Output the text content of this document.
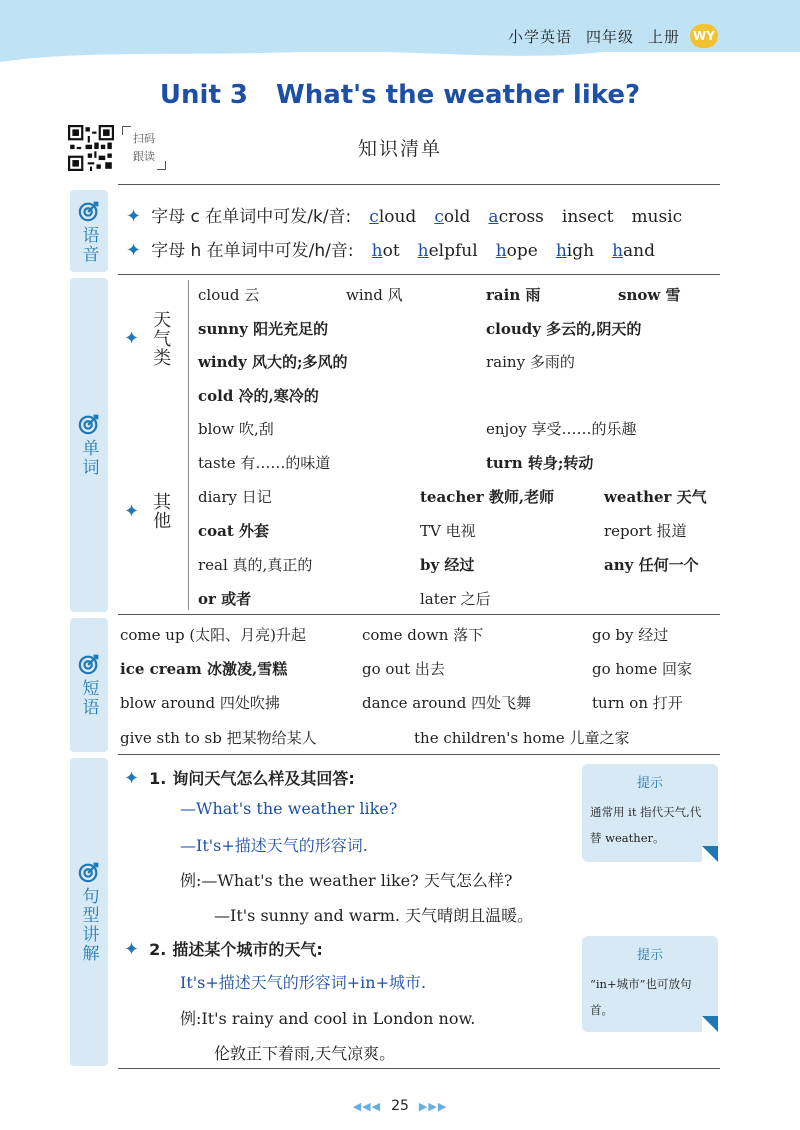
小学英语 四年级 上册 WY
Unit 3 What's the weather like?
扫码
跟读	知识清单
语音
✦ 字母 c 在单词中可发/k/音: cloud cold across insect music
✦ 字母 h 在单词中可发/h/音: hot helpful hope high hand
单词
✦ 天气类
✦ 其他
cloud 云	wind 风	rain 雨	snow 雪
sunny 阳光充足的	cloudy 多云的,阴天的
windy 风大的;多风的	rainy 多雨的
cold 冷的,寒冷的
blow 吹,刮	enjoy 享受……的乐趣
taste 有……的味道	turn 转身;转动
diary 日记	teacher 教师,老师	weather 天气
coat 外套	TV 电视	report 报道
real 真的,真正的	by 经过	any 任何一个
or 或者	later 之后
短语
come up (太阳、月亮)升起	come down 落下	go by 经过
ice cream 冰激凌,雪糕	go out 出去	go home 回家
blow around 四处吹拂	dance around 四处飞舞	turn on 打开
give sth to sb 把某物给某人	the children's home 儿童之家
句型讲解
✦ 1. 询问天气怎么样及其回答:
—What's the weather like?
—It's+描述天气的形容词.
例:—What's the weather like? 天气怎么样?
—It's sunny and warm. 天气晴朗且温暖。
提示
通常用 it 指代天气,代替 weather。
✦ 2. 描述某个城市的天气:
It's+描述天气的形容词+in+城市.
例:It's rainy and cool in London now.
伦敦正下着雨,天气凉爽。
提示
“in+城市”也可放句首。
◀◀◀ 25 ▶▶▶
